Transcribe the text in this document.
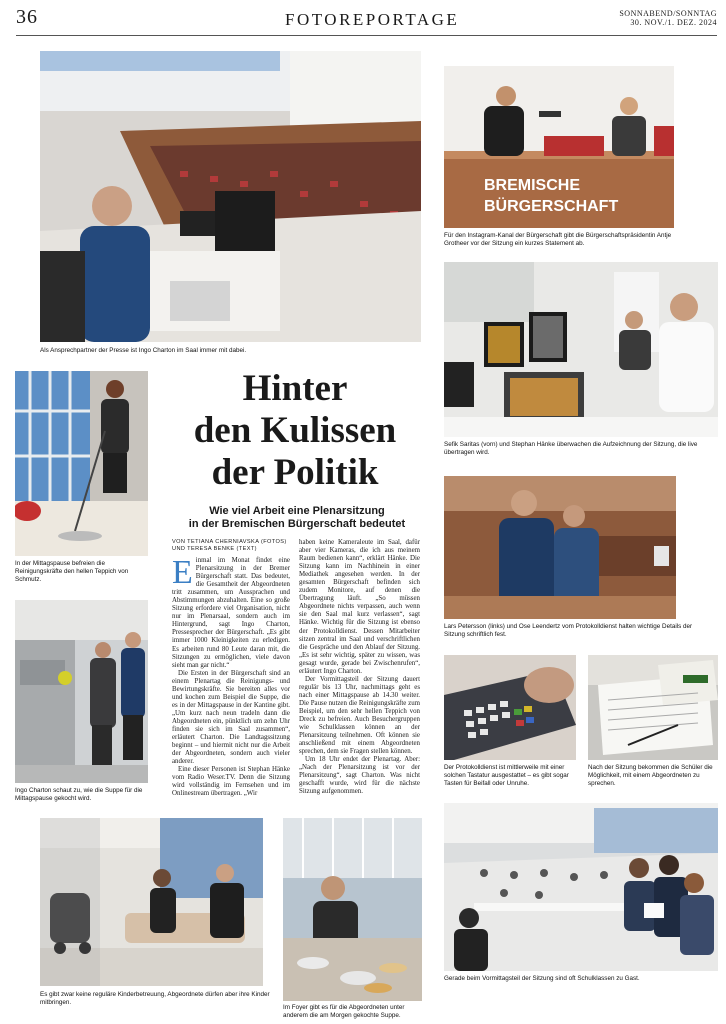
36	FOTOREPORTAGE	SONNABEND/SONNTAG
30. NOV./1. DEZ. 2024
Als Ansprechpartner der Presse ist Ingo Charton im Saal immer mit dabei.
BREMISCHE
BÜRGERSCHAFT
Für den Instagram-Kanal der Bürgerschaft gibt die Bürgerschaftspräsidentin Antje Grotheer vor der Sitzung ein kurzes Statement ab.
Sefik Saritas (vorn) und Stephan Hänke überwachen die Aufzeichnung der Sitzung, die live übertragen wird.
In der Mittagspause befreien die Reinigungskräfte den hellen Teppich von Schmutz.
Ingo Charton schaut zu, wie die Suppe für die Mittagspause gekocht wird.
Hinter
den Kulissen
der Politik
Wie viel Arbeit eine Plenarsitzung
in der Bremischen Bürgerschaft bedeutet
VON TETIANA CHERNIAVSKA (FOTOS)
UND TERESA BENKE (TEXT)

Einmal im Monat findet eine Plenarsitzung in der Bremer Bürgerschaft statt. Das bedeutet, die Gesamtheit der Abgeordneten tritt zusammen, um Aussprachen und Abstimmungen abzuhalten. Eine so große Sitzung erfordere viel Organisation, nicht nur im Plenarsaal, sondern auch im Hintergrund, sagt Ingo Charton, Pressesprecher der Bürgerschaft. „Es gibt immer 1000 Kleinigkeiten zu erledigen. Es arbeiten rund 80 Leute daran mit, die Sitzungen zu ermöglichen, viele davon sieht man gar nicht.“

Die Ersten in der Bürgerschaft sind an einem Plenartag die Reinigungs- und Bewirtungskräfte. Sie bereiten alles vor und kochen zum Beispiel die Suppe, die es in der Mittagspause in der Kantine gibt. „Um kurz nach neun tradeln dann die Abgeordneten ein, pünktlich um zehn Uhr finden sie sich im Saal zusammen“, erläutert Charton. Die Landtagssitzung beginnt – und hiermit nicht nur die Arbeit der Abgeordneten, sondern auch vieler anderer.

Eine dieser Personen ist Stephan Hänke vom Radio Weser.TV. Denn die Sitzung wird vollständig im Fernsehen und im Onlinestream übertragen. „Wir

haben keine Kameraleute im Saal, dafür aber vier Kameras, die ich aus meinem Raum bedienen kann“, erklärt Hänke. Die Sitzung kann im Nachhinein in einer Mediathek angesehen werden. In der gesamten Bürgerschaft befinden sich zudem Monitore, auf denen die Übertragung läuft. „So müssen Abgeordnete nichts verpassen, auch wenn sie den Saal mal kurz verlassen“, sagt Hänke. Wichtig für die Sitzung ist ebenso der Protokolldienst. Dessen Mitarbeiter sitzen zentral im Saal und verschriftlichen die Gespräche und den Ablauf der Sitzung. „Es ist sehr wichtig, später zu wissen, was gesagt wurde, gerade bei Zwischenrufen“, erläutert Ingo Charton.

Der Vormittagsteil der Sitzung dauert regulär bis 13 Uhr, nachmittags geht es nach einer Mittagspause ab 14.30 weiter. Die Pause nutzen die Reinigungskräfte zum Beispiel, um den sehr hellen Teppich von Dreck zu befreien. Auch Besuchergruppen wie Schulklassen können an der Plenarsitzung teilnehmen. Oft können sie anschließend mit einem Abgeordneten sprechen, dem sie Fragen stellen können.

Um 18 Uhr endet der Plenartag. Aber: „Nach der Plenarsitzung ist vor der Plenarsitzung“, sagt Charton. Was nicht geschafft wurde, wird für die nächste Sitzung aufgenommen.

Lars Petersson (links) und Ose Leendertz vom Protokolldienst halten wichtige Details der Sitzung schriftlich fest.
Der Protokolldienst ist mittlerweile mit einer solchen Tastatur ausgestattet – es gibt sogar Tasten für Beifall oder Unruhe.
Nach der Sitzung bekommen die Schüler die Möglichkeit, mit einem Abgeordneten zu sprechen.
Es gibt zwar keine reguläre Kinderbetreuung, Abgeordnete dürfen aber ihre Kinder mitbringen.
Im Foyer gibt es für die Abgeordneten unter anderem die am Morgen gekochte Suppe.
Gerade beim Vormittagsteil der Sitzung sind oft Schulklassen zu Gast.
